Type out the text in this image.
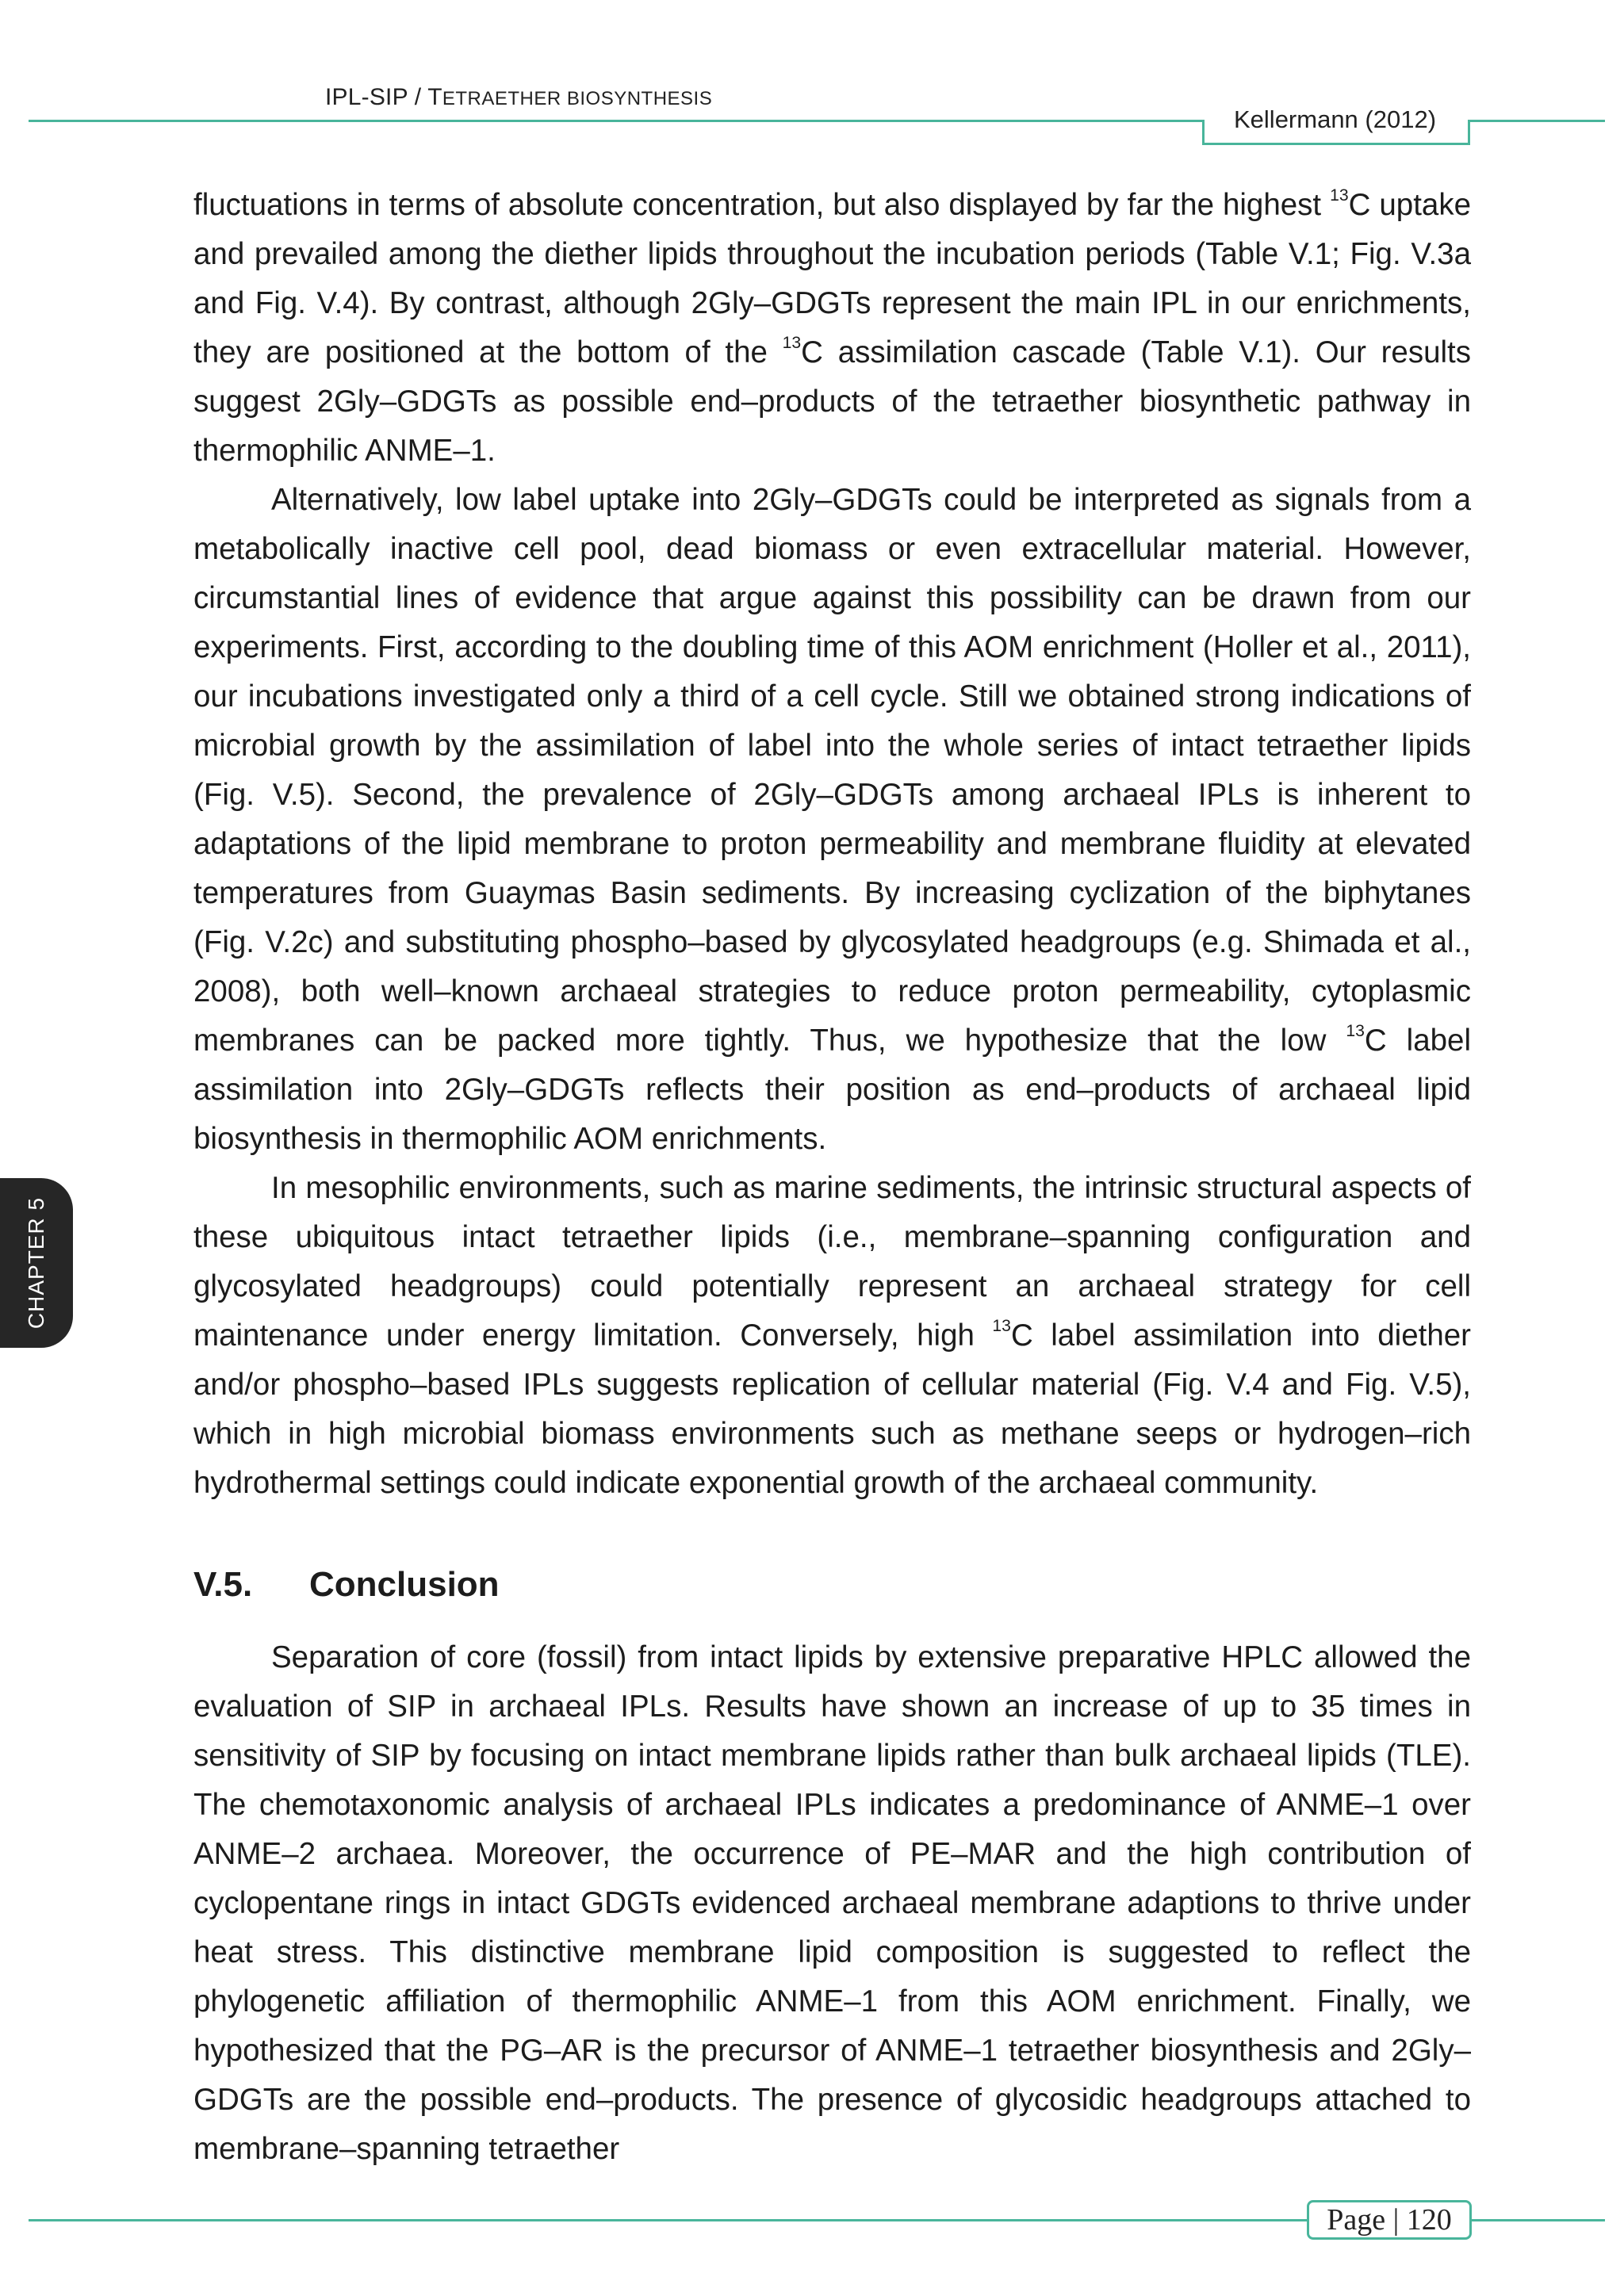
IPL-SIP / TETRAETHER BIOSYNTHESIS
Kellermann (2012)
CHAPTER 5

fluctuations in terms of absolute concentration, but also displayed by far the highest $^{13}$C uptake and prevailed among the diether lipids throughout the incubation periods (Table V.1; Fig. V.3a and Fig. V.4). By contrast, although 2Gly–GDGTs represent the main IPL in our enrichments, they are positioned at the bottom of the $^{13}$C assimilation cascade (Table V.1). Our results suggest 2Gly–GDGTs as possible end–products of the tetraether biosynthetic pathway in thermophilic ANME–1.

Alternatively, low label uptake into 2Gly–GDGTs could be interpreted as signals from a metabolically inactive cell pool, dead biomass or even extracellular material. However, circumstantial lines of evidence that argue against this possibility can be drawn from our experiments. First, according to the doubling time of this AOM enrichment (Holler et al., 2011), our incubations investigated only a third of a cell cycle. Still we obtained strong indications of microbial growth by the assimilation of label into the whole series of intact tetraether lipids (Fig. V.5). Second, the prevalence of 2Gly–GDGTs among archaeal IPLs is inherent to adaptations of the lipid membrane to proton permeability and membrane fluidity at elevated temperatures from Guaymas Basin sediments. By increasing cyclization of the biphytanes (Fig. V.2c) and substituting phospho–based by glycosylated headgroups (e.g. Shimada et al., 2008), both well–known archaeal strategies to reduce proton permeability, cytoplasmic membranes can be packed more tightly. Thus, we hypothesize that the low $^{13}$C label assimilation into 2Gly–GDGTs reflects their position as end–products of archaeal lipid biosynthesis in thermophilic AOM enrichments.

In mesophilic environments, such as marine sediments, the intrinsic structural aspects of these ubiquitous intact tetraether lipids (i.e., membrane–spanning configuration and glycosylated headgroups) could potentially represent an archaeal strategy for cell maintenance under energy limitation. Conversely, high $^{13}$C label assimilation into diether and/or phospho–based IPLs suggests replication of cellular material (Fig. V.4 and Fig. V.5), which in high microbial biomass environments such as methane seeps or hydrogen–rich hydrothermal settings could indicate exponential growth of the archaeal community.

V.5. Conclusion

Separation of core (fossil) from intact lipids by extensive preparative HPLC allowed the evaluation of SIP in archaeal IPLs. Results have shown an increase of up to 35 times in sensitivity of SIP by focusing on intact membrane lipids rather than bulk archaeal lipids (TLE). The chemotaxonomic analysis of archaeal IPLs indicates a predominance of ANME–1 over ANME–2 archaea. Moreover, the occurrence of PE–MAR and the high contribution of cyclopentane rings in intact GDGTs evidenced archaeal membrane adaptions to thrive under heat stress. This distinctive membrane lipid composition is suggested to reflect the phylogenetic affiliation of thermophilic ANME–1 from this AOM enrichment. Finally, we hypothesized that the PG–AR is the precursor of ANME–1 tetraether biosynthesis and 2Gly–GDGTs are the possible end–products. The presence of glycosidic headgroups attached to membrane–spanning tetraether

Page | 120
